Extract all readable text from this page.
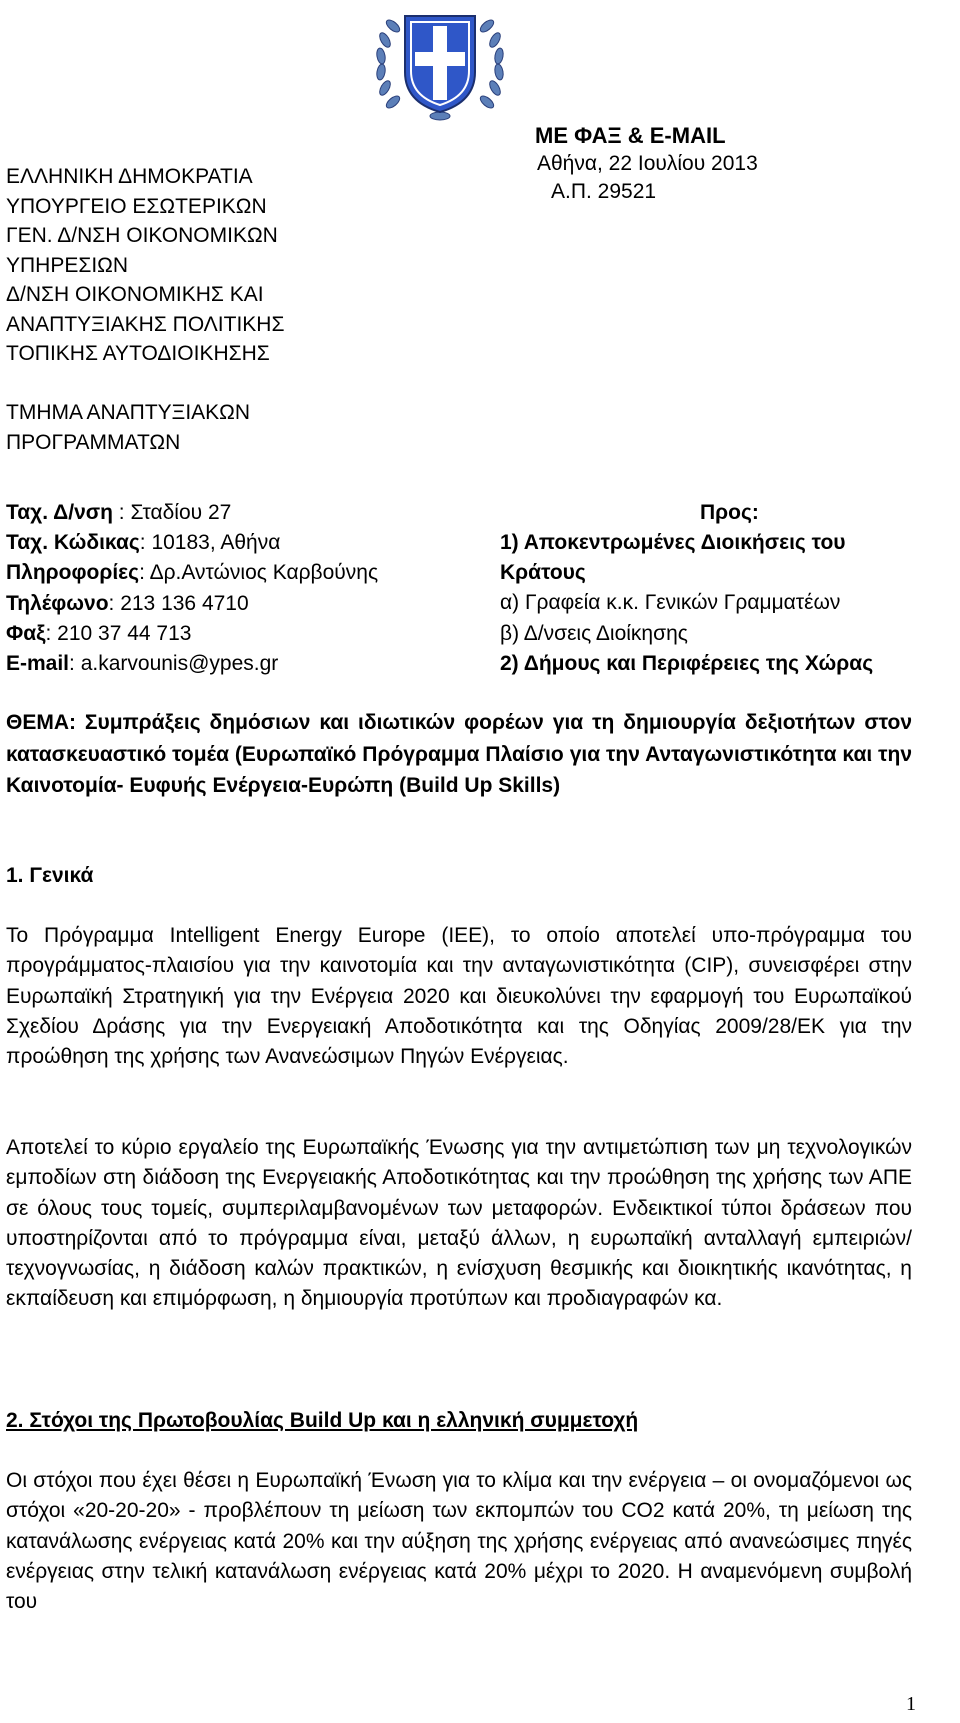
ΜΕ ΦΑΞ & E-MAIL
Αθήνα, 22 Ιουλίου 2013
Α.Π. 29521
ΕΛΛΗΝΙΚΗ ΔΗΜΟΚΡΑΤΙΑ
ΥΠΟΥΡΓΕΙΟ ΕΣΩΤΕΡΙΚΩΝ
ΓΕΝ. Δ/ΝΣΗ ΟΙΚΟΝΟΜΙΚΩΝ
ΥΠΗΡΕΣΙΩΝ
Δ/ΝΣΗ ΟΙΚΟΝΟΜΙΚΗΣ ΚΑΙ
ΑΝΑΠΤΥΞΙΑΚΗΣ ΠΟΛΙΤΙΚΗΣ
ΤΟΠΙΚΗΣ ΑΥΤΟΔΙΟΙΚΗΣΗΣ
ΤΜΗΜΑ ΑΝΑΠΤΥΞΙΑΚΩΝ
ΠΡΟΓΡΑΜΜΑΤΩΝ
Ταχ. Δ/νση : Σταδίου 27
Ταχ. Κώδικας: 10183, Αθήνα
Πληροφορίες: Δρ.Αντώνιος Καρβούνης
Τηλέφωνο: 213 136 4710
Φαξ: 210 37 44 713
E-mail: a.karvounis@ypes.gr
Προς:
1) Αποκεντρωμένες Διοικήσεις του
Κράτους
α) Γραφεία κ.κ. Γενικών Γραμματέων
β) Δ/νσεις Διοίκησης
2) Δήμους και Περιφέρειες της Χώρας
ΘΕΜΑ: Συμπράξεις δημόσιων και ιδιωτικών φορέων για τη δημιουργία δεξιοτήτων στον κατασκευαστικό τομέα (Ευρωπαϊκό Πρόγραμμα Πλαίσιο για την Ανταγωνιστικότητα και την Καινοτομία- Ευφυής Ενέργεια-Ευρώπη (Build Up Skills)
1. Γενικά
Το Πρόγραμμα Intelligent Energy Europe (IEE), το οποίο αποτελεί υπο-πρόγραμμα του προγράμματος-πλαισίου για την καινοτομία και την ανταγωνιστικότητα (CIP), συνεισφέρει στην Ευρωπαϊκή Στρατηγική για την Ενέργεια 2020 και διευκολύνει την εφαρμογή του Ευρωπαϊκού Σχεδίου Δράσης για την Ενεργειακή Αποδοτικότητα και της Οδηγίας 2009/28/ΕΚ για την προώθηση της χρήσης των Ανανεώσιμων Πηγών Ενέργειας.
Αποτελεί το κύριο εργαλείο της Ευρωπαϊκής Ένωσης για την αντιμετώπιση των μη τεχνολογικών εμποδίων στη διάδοση της Ενεργειακής Αποδοτικότητας και την προώθηση της χρήσης των ΑΠΕ σε όλους τους τομείς, συμπεριλαμβανομένων των μεταφορών. Ενδεικτικοί τύποι δράσεων που υποστηρίζονται από το πρόγραμμα είναι, μεταξύ άλλων, η ευρωπαϊκή ανταλλαγή εμπειριών/τεχνογνωσίας, η διάδοση καλών πρακτικών, η ενίσχυση θεσμικής και διοικητικής ικανότητας, η εκπαίδευση και επιμόρφωση, η δημιουργία προτύπων και προδιαγραφών κα.
2. Στόχοι της Πρωτοβουλίας Build Up και η ελληνική συμμετοχή
Οι στόχοι που έχει θέσει η Ευρωπαϊκή Ένωση για το κλίμα και την ενέργεια – οι ονομαζόμενοι ως στόχοι «20-20-20» - προβλέπουν τη μείωση των εκπομπών του CO2 κατά 20%, τη μείωση της κατανάλωσης ενέργειας κατά 20% και την αύξηση της χρήσης ενέργειας από ανανεώσιμες πηγές ενέργειας στην τελική κατανάλωση ενέργειας κατά 20% μέχρι το 2020. Η αναμενόμενη συμβολή του
1
